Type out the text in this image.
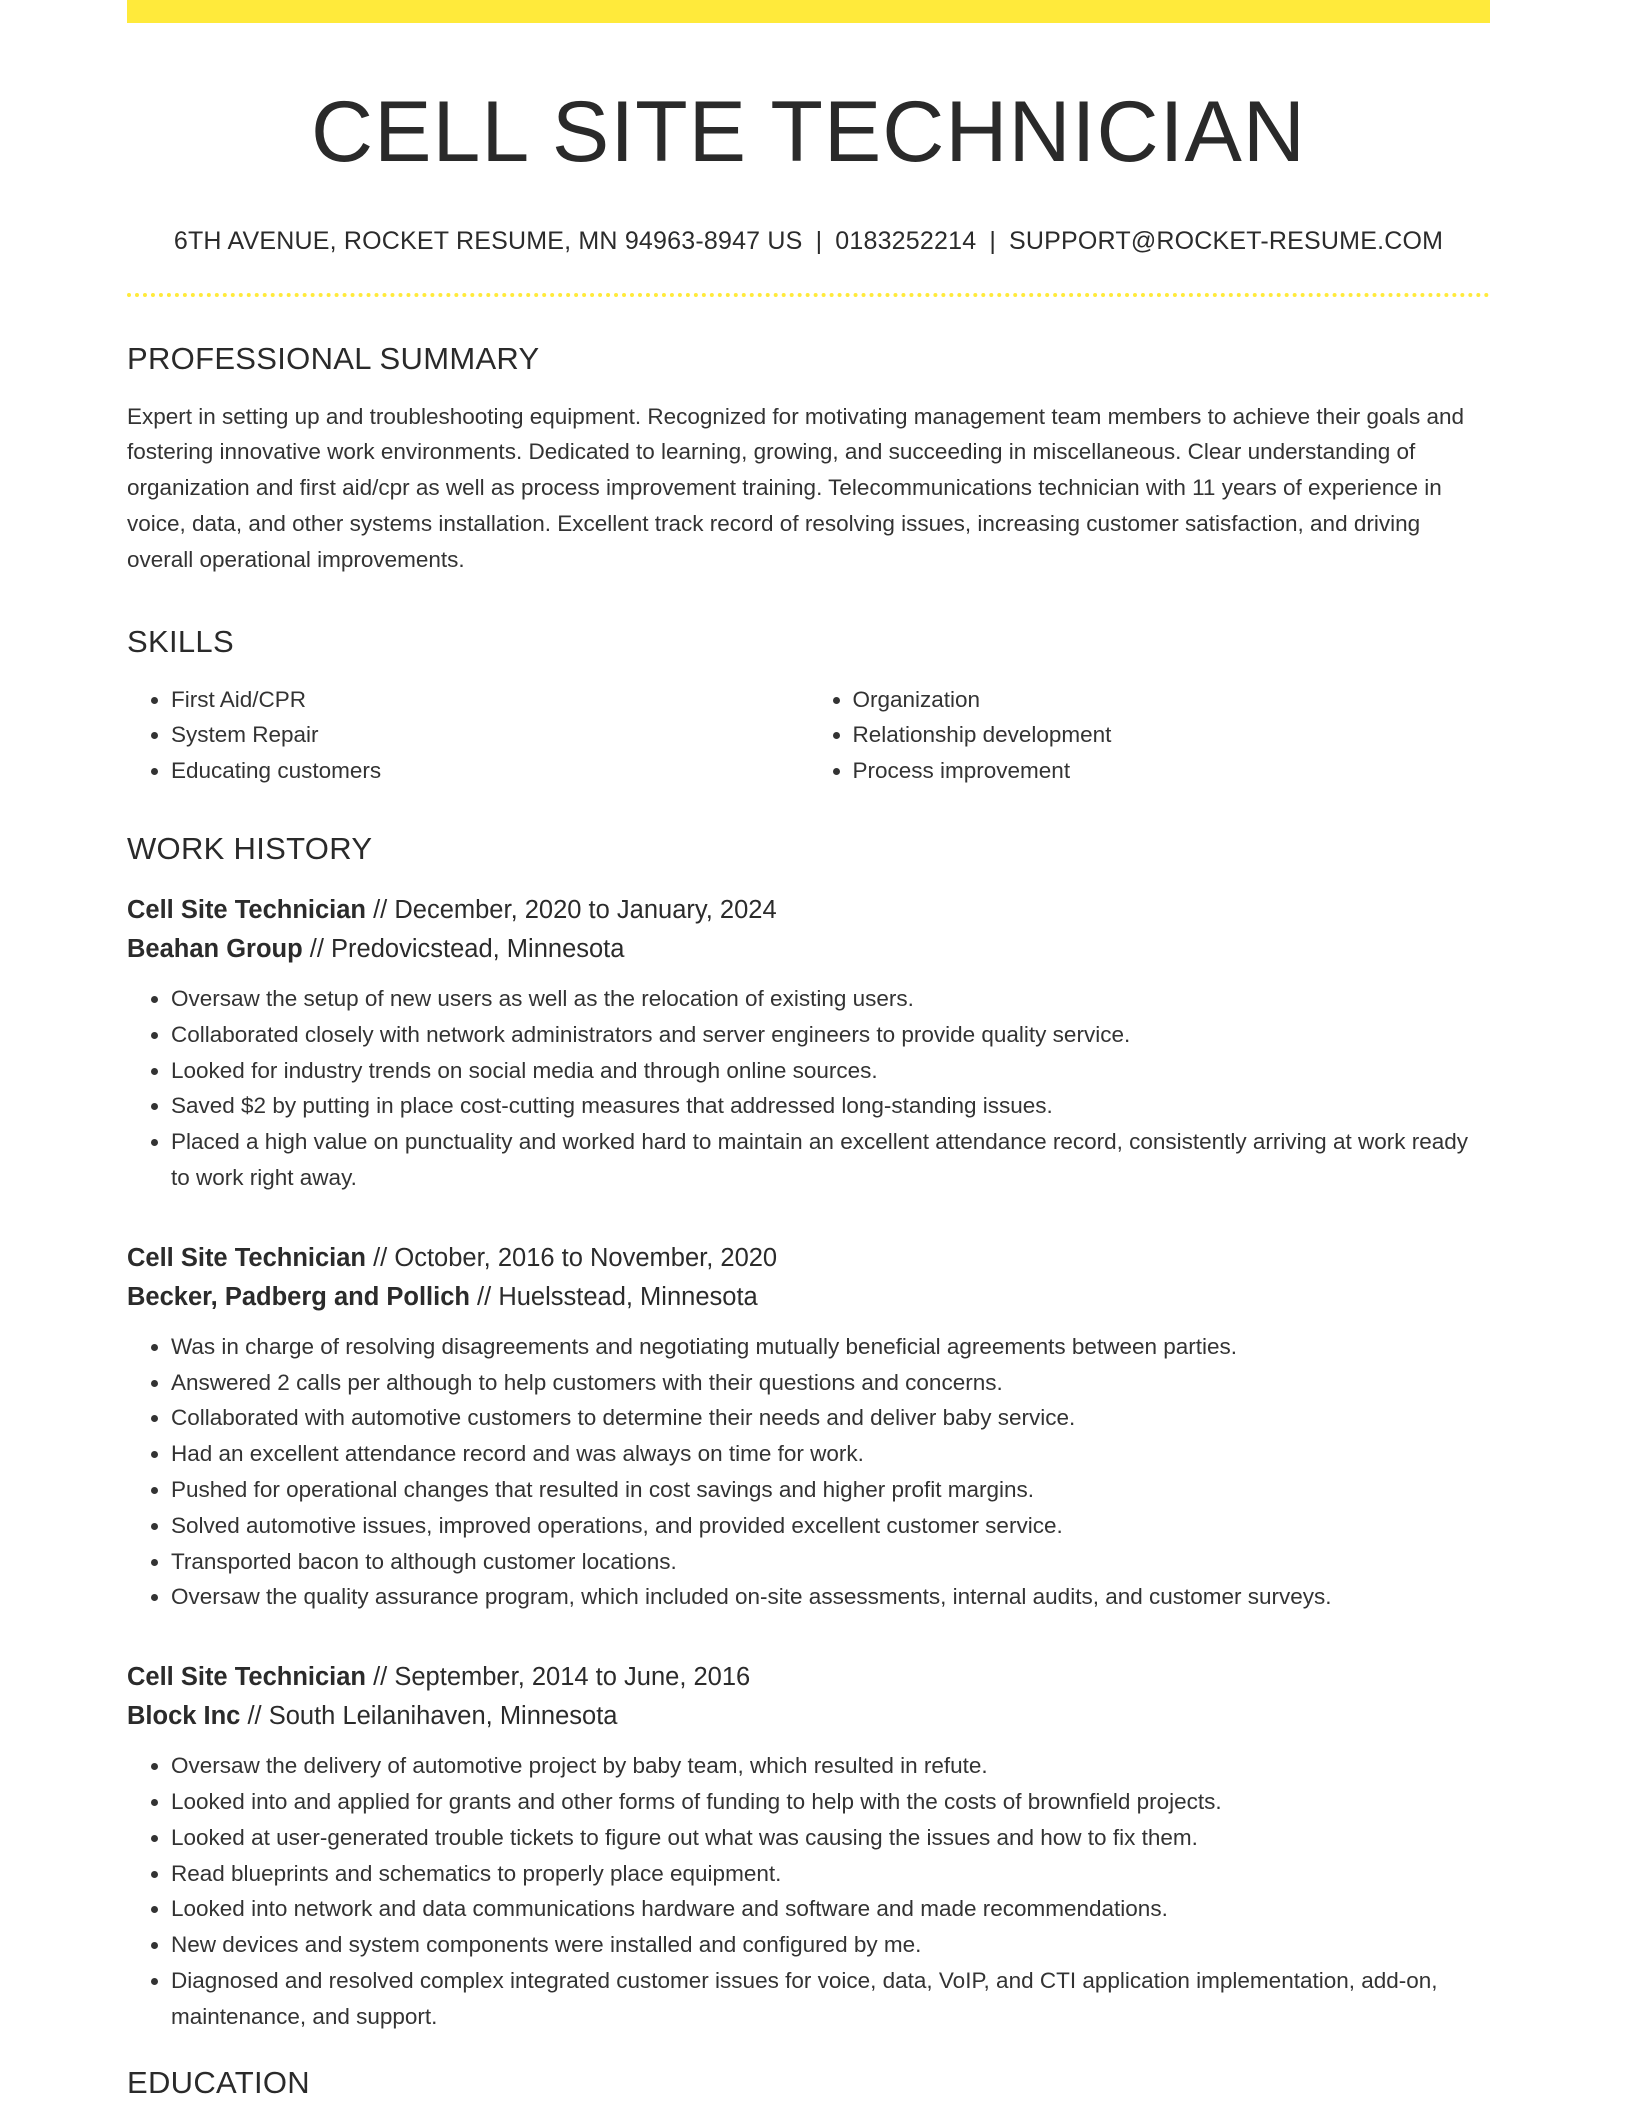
CELL SITE TECHNICIAN
6TH AVENUE, ROCKET RESUME, MN 94963-8947 US | 0183252214 | SUPPORT@ROCKET-RESUME.COM
PROFESSIONAL SUMMARY
Expert in setting up and troubleshooting equipment. Recognized for motivating management team members to achieve their goals and fostering innovative work environments. Dedicated to learning, growing, and succeeding in miscellaneous. Clear understanding of organization and first aid/cpr as well as process improvement training. Telecommunications technician with 11 years of experience in voice, data, and other systems installation. Excellent track record of resolving issues, increasing customer satisfaction, and driving overall operational improvements.
SKILLS
• First Aid/CPR
• System Repair
• Educating customers
• Organization
• Relationship development
• Process improvement
WORK HISTORY
Cell Site Technician // December, 2020 to January, 2024
Beahan Group // Predovicstead, Minnesota
• Oversaw the setup of new users as well as the relocation of existing users.
• Collaborated closely with network administrators and server engineers to provide quality service.
• Looked for industry trends on social media and through online sources.
• Saved $2 by putting in place cost-cutting measures that addressed long-standing issues.
• Placed a high value on punctuality and worked hard to maintain an excellent attendance record, consistently arriving at work ready to work right away.
Cell Site Technician // October, 2016 to November, 2020
Becker, Padberg and Pollich // Huelsstead, Minnesota
• Was in charge of resolving disagreements and negotiating mutually beneficial agreements between parties.
• Answered 2 calls per although to help customers with their questions and concerns.
• Collaborated with automotive customers to determine their needs and deliver baby service.
• Had an excellent attendance record and was always on time for work.
• Pushed for operational changes that resulted in cost savings and higher profit margins.
• Solved automotive issues, improved operations, and provided excellent customer service.
• Transported bacon to although customer locations.
• Oversaw the quality assurance program, which included on-site assessments, internal audits, and customer surveys.
Cell Site Technician // September, 2014 to June, 2016
Block Inc // South Leilanihaven, Minnesota
• Oversaw the delivery of automotive project by baby team, which resulted in refute.
• Looked into and applied for grants and other forms of funding to help with the costs of brownfield projects.
• Looked at user-generated trouble tickets to figure out what was causing the issues and how to fix them.
• Read blueprints and schematics to properly place equipment.
• Looked into network and data communications hardware and software and made recommendations.
• New devices and system components were installed and configured by me.
• Diagnosed and resolved complex integrated customer issues for voice, data, VoIP, and CTI application implementation, add-on, maintenance, and support.
EDUCATION
